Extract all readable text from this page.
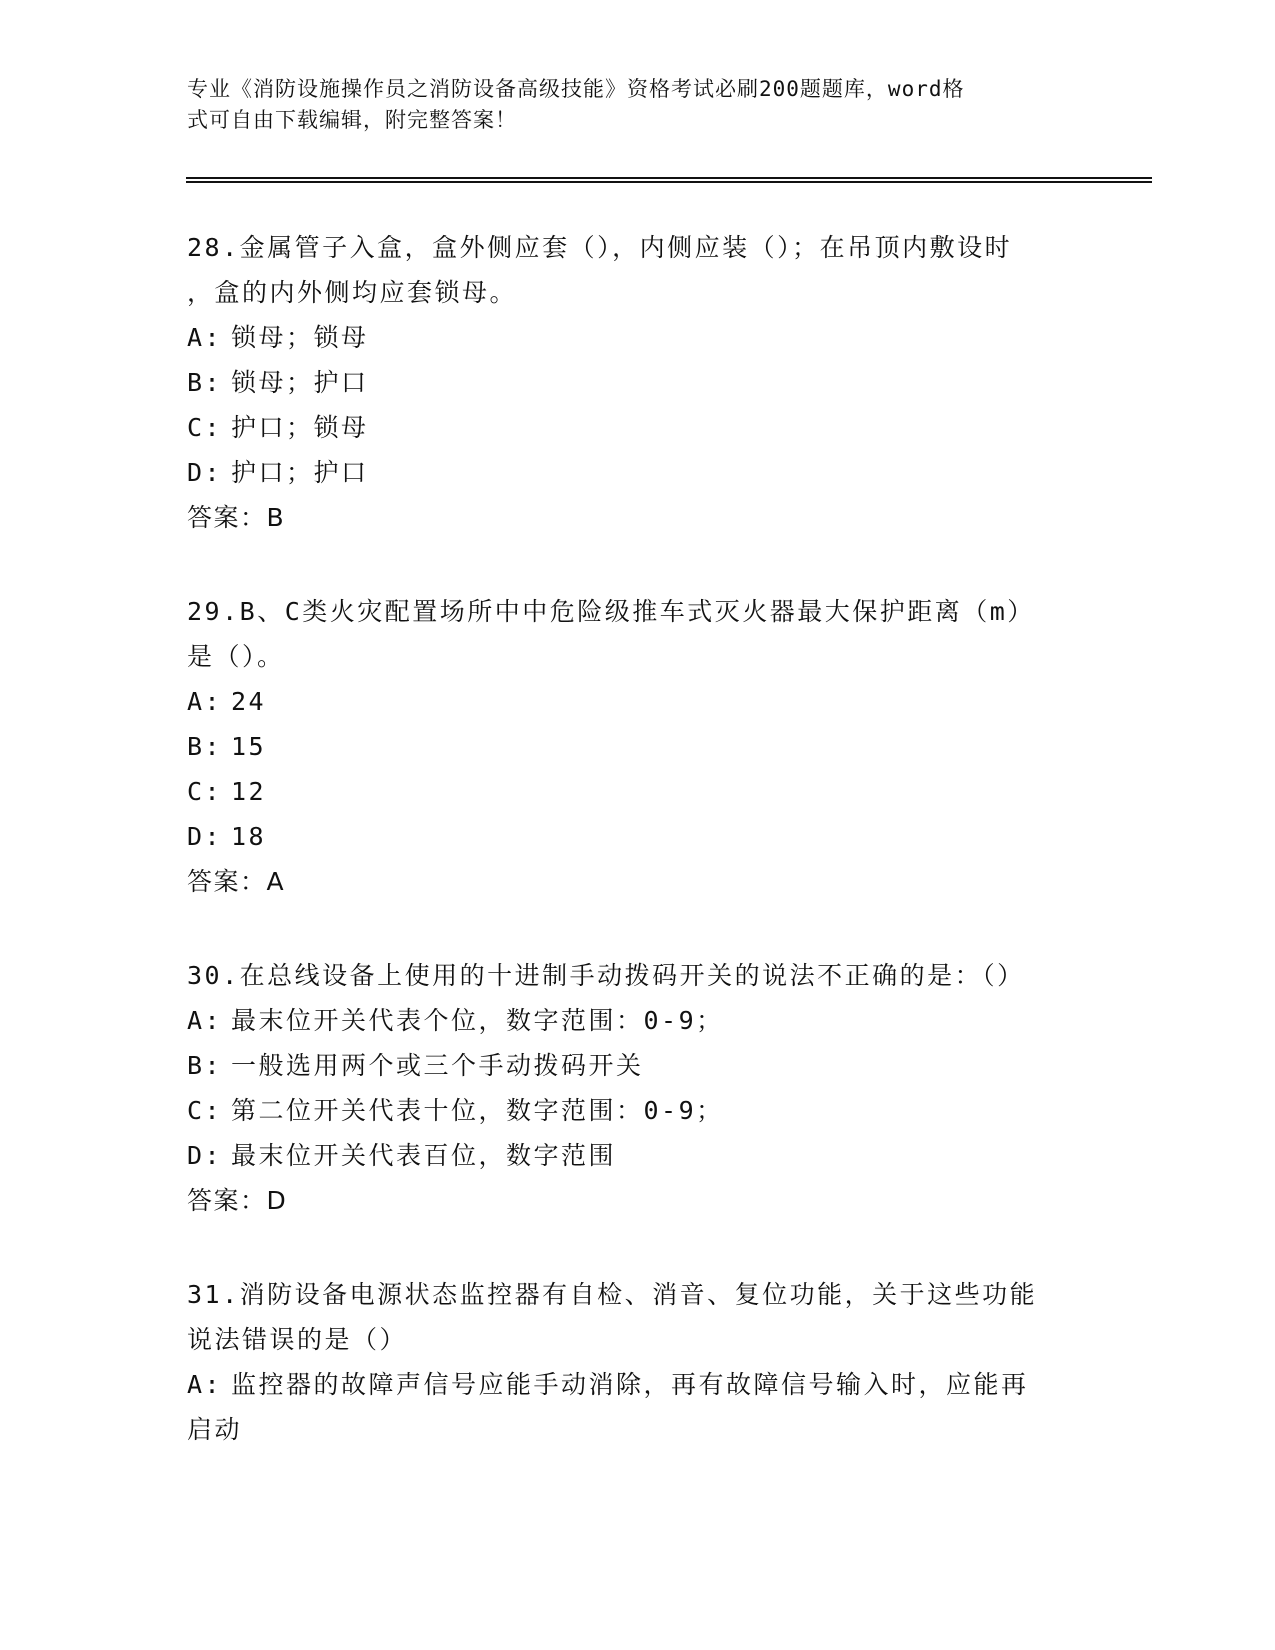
专业《消防设施操作员之消防设备高级技能》资格考试必刷200题题库，word格
式可自由下载编辑，附完整答案！

28.金属管子入盒，盒外侧应套（），内侧应装（）；在吊顶内敷设时
，盒的内外侧均应套锁母。

A: 锁母；锁母

B: 锁母；护口

C: 护口；锁母

D: 护口；护口

答案：B

29.B、C类火灾配置场所中中危险级推车式灭火器最大保护距离（m）
是（）。

A: 24

B: 15

C: 12

D: 18

答案：A

30.在总线设备上使用的十进制手动拨码开关的说法不正确的是：（）

A: 最末位开关代表个位，数字范围：0-9；

B: 一般选用两个或三个手动拨码开关

C: 第二位开关代表十位，数字范围：0-9；

D: 最末位开关代表百位，数字范围

答案：D

31.消防设备电源状态监控器有自检、消音、复位功能，关于这些功能
说法错误的是（）

A: 监控器的故障声信号应能手动消除，再有故障信号输入时，应能再

启动
